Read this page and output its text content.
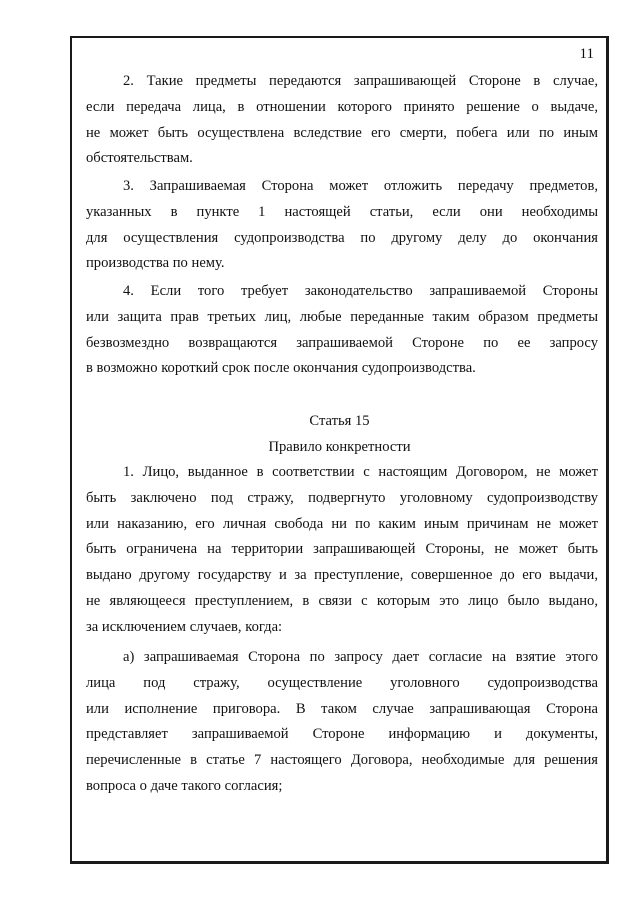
11
2. Такие предметы передаются запрашивающей Стороне в случае,
если передача лица, в отношении которого принято решение о выдаче,
не может быть осуществлена вследствие его смерти, побега или по иным
обстоятельствам.
3. Запрашиваемая Сторона может отложить передачу предметов,
указанных в пункте 1 настоящей статьи, если они необходимы
для осуществления судопроизводства по другому делу до окончания
производства по нему.
4. Если того требует законодательство запрашиваемой Стороны
или защита прав третьих лиц, любые переданные таким образом предметы
безвозмездно возвращаются запрашиваемой Стороне по ее запросу
в возможно короткий срок после окончания судопроизводства.
Статья 15
Правило конкретности
1. Лицо, выданное в соответствии с настоящим Договором, не может
быть заключено под стражу, подвергнуто уголовному судопроизводству
или наказанию, его личная свобода ни по каким иным причинам не может
быть ограничена на территории запрашивающей Стороны, не может быть
выдано другому государству и за преступление, совершенное до его выдачи,
не являющееся преступлением, в связи с которым это лицо было выдано,
за исключением случаев, когда:
а) запрашиваемая Сторона по запросу дает согласие на взятие этого
лица под стражу, осуществление уголовного судопроизводства
или исполнение приговора. В таком случае запрашивающая Сторона
представляет запрашиваемой Стороне информацию и документы,
перечисленные в статье 7 настоящего Договора, необходимые для решения
вопроса о даче такого согласия;
